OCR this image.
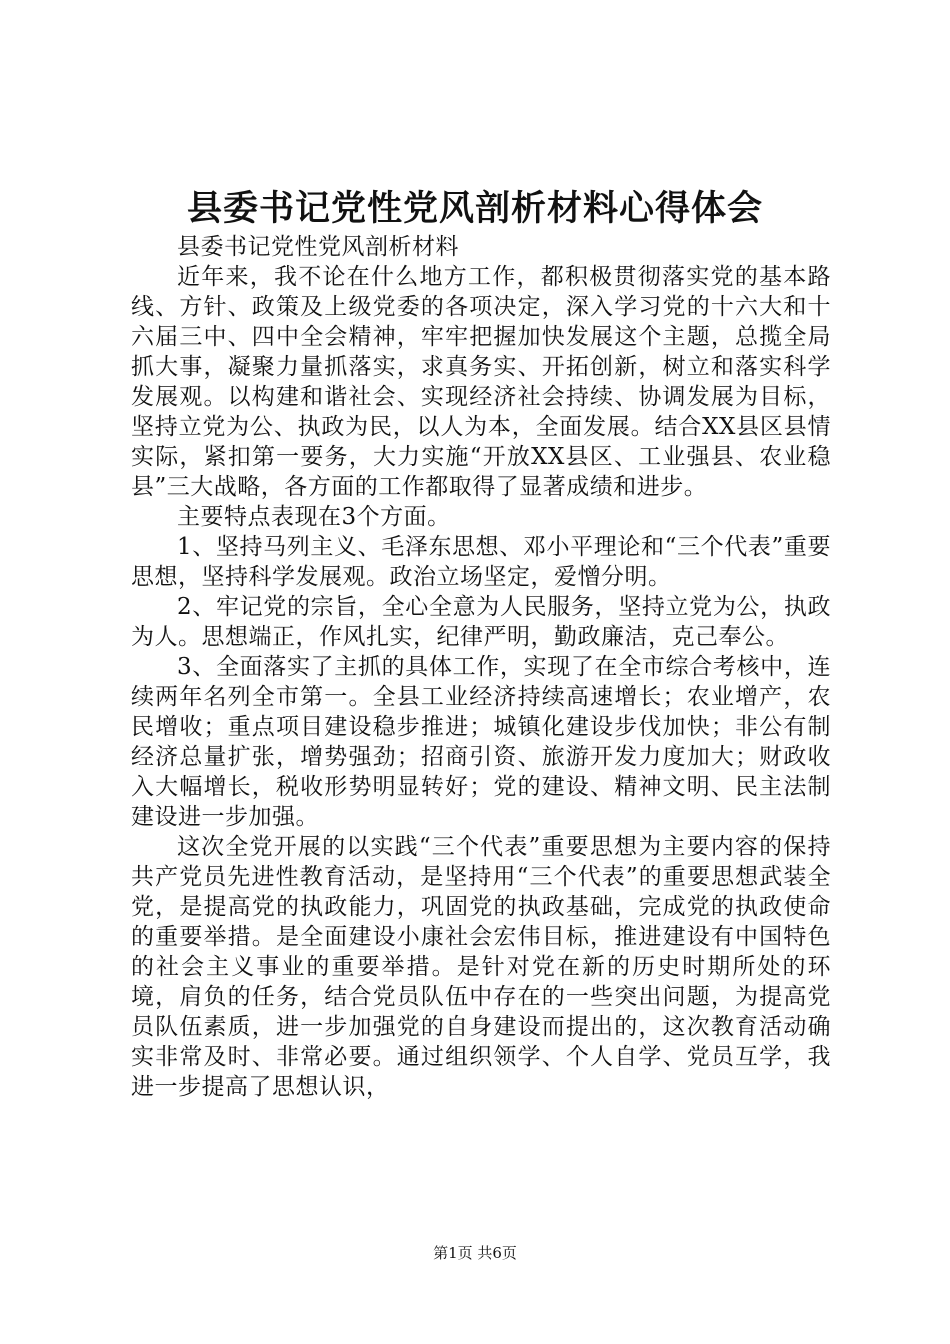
县委书记党性党风剖析材料心得体会

县委书记党性党风剖析材料

近年来，我不论在什么地方工作，都积极贯彻落实党的基本路线、方针、政策及上级党委的各项决定，深入学习党的十六大和十六届三中、四中全会精神，牢牢把握加快发展这个主题，总揽全局抓大事，凝聚力量抓落实，求真务实、开拓创新，树立和落实科学发展观。以构建和谐社会、实现经济社会持续、协调发展为目标，坚持立党为公、执政为民，以人为本，全面发展。结合XX县区县情实际，紧扣第一要务，大力实施“开放XX县区、工业强县、农业稳县”三大战略，各方面的工作都取得了显著成绩和进步。

主要特点表现在3个方面。

1、坚持马列主义、毛泽东思想、邓小平理论和“三个代表”重要思想，坚持科学发展观。政治立场坚定，爱憎分明。

2、牢记党的宗旨，全心全意为人民服务，坚持立党为公，执政为人。思想端正，作风扎实，纪律严明，勤政廉洁，克己奉公。

3、全面落实了主抓的具体工作，实现了在全市综合考核中，连续两年名列全市第一。全县工业经济持续高速增长；农业增产，农民增收；重点项目建设稳步推进；城镇化建设步伐加快；非公有制经济总量扩张，增势强劲；招商引资、旅游开发力度加大；财政收入大幅增长，税收形势明显转好；党的建设、精神文明、民主法制建设进一步加强。

这次全党开展的以实践“三个代表”重要思想为主要内容的保持共产党员先进性教育活动，是坚持用“三个代表”的重要思想武装全党，是提高党的执政能力，巩固党的执政基础，完成党的执政使命的重要举措。是全面建设小康社会宏伟目标，推进建设有中国特色的社会主义事业的重要举措。是针对党在新的历史时期所处的环境，肩负的任务，结合党员队伍中存在的一些突出问题，为提高党员队伍素质，进一步加强党的自身建设而提出的，这次教育活动确实非常及时、非常必要。通过组织领学、个人自学、党员互学，我进一步提高了思想认识，

第1页 共6页
